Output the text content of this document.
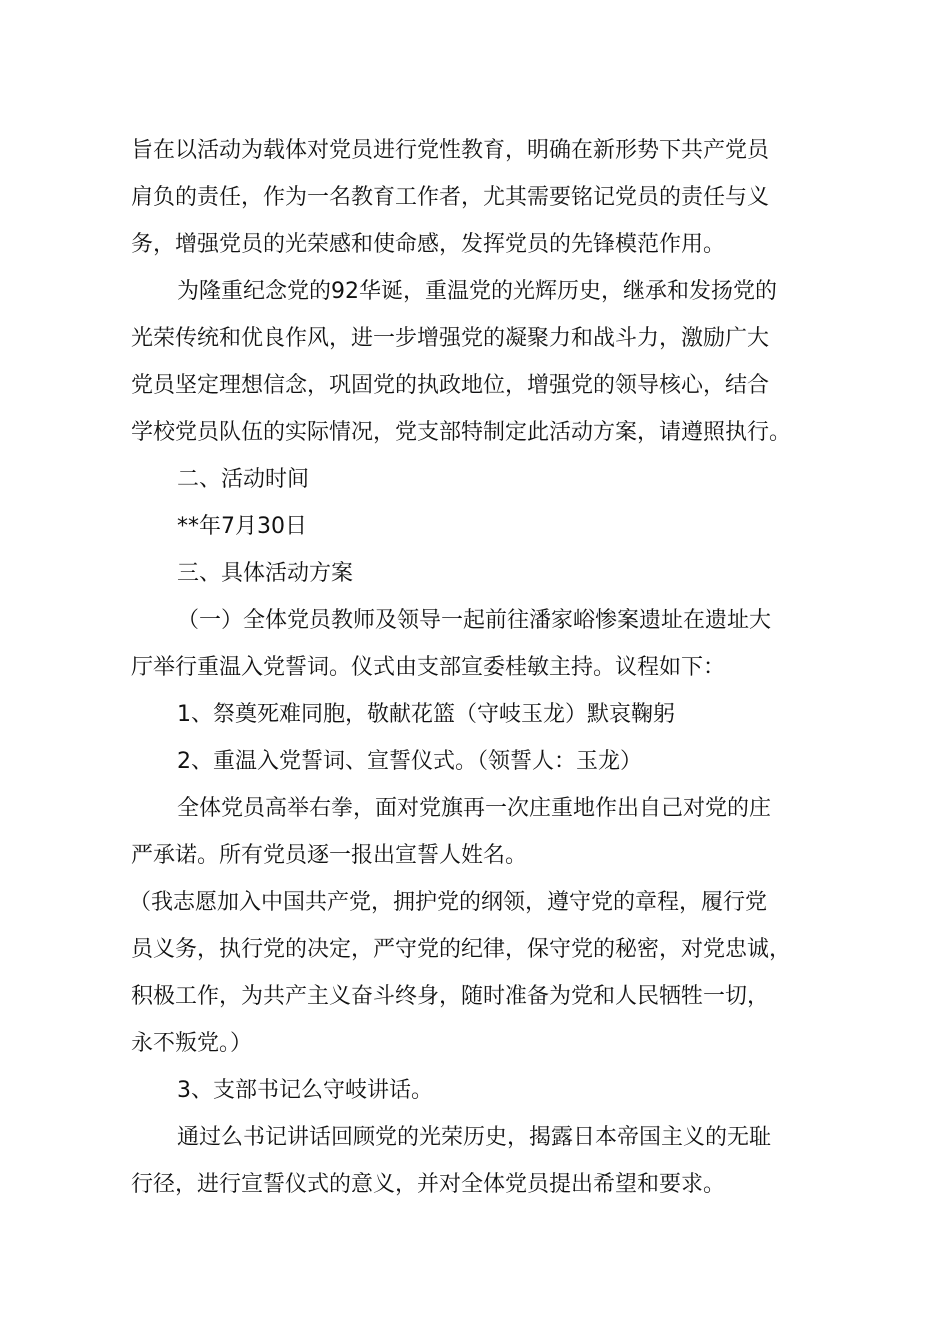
旨在以活动为载体对党员进行党性教育，明确在新形势下共产党员
肩负的责任，作为一名教育工作者，尤其需要铭记党员的责任与义
务，增强党员的光荣感和使命感，发挥党员的先锋模范作用。
为隆重纪念党的92华诞，重温党的光辉历史，继承和发扬党的
光荣传统和优良作风，进一步增强党的凝聚力和战斗力，激励广大
党员坚定理想信念，巩固党的执政地位，增强党的领导核心，结合
学校党员队伍的实际情况，党支部特制定此活动方案，请遵照执行。
二、活动时间
**年7月30日
三、具体活动方案
（一）全体党员教师及领导一起前往潘家峪惨案遗址在遗址大
厅举行重温入党誓词。仪式由支部宣委桂敏主持。议程如下：
1、祭奠死难同胞，敬献花篮（守岐玉龙）默哀鞠躬
2、重温入党誓词、宣誓仪式。（领誓人：玉龙）
全体党员高举右拳，面对党旗再一次庄重地作出自己对党的庄
严承诺。所有党员逐一报出宣誓人姓名。
（我志愿加入中国共产党，拥护党的纲领，遵守党的章程，履行党
员义务，执行党的决定，严守党的纪律，保守党的秘密，对党忠诚，
积极工作，为共产主义奋斗终身，随时准备为党和人民牺牲一切，
永不叛党。）
3、支部书记么守岐讲话。
通过么书记讲话回顾党的光荣历史，揭露日本帝国主义的无耻
行径，进行宣誓仪式的意义，并对全体党员提出希望和要求。
